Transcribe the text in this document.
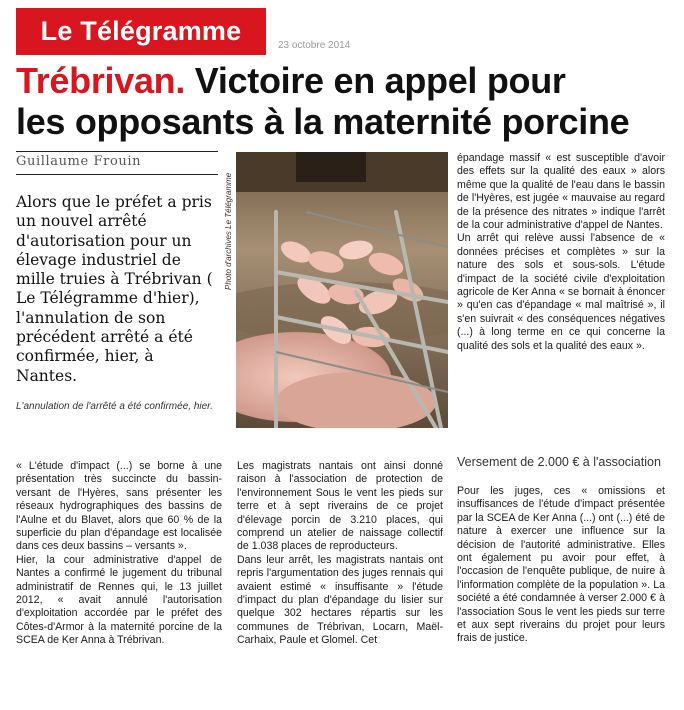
Le Télégramme	23 octobre 2014
Trébrivan. Victoire en appel pour
les opposants à la maternité porcine
Guillaume Frouin
Alors que le préfet a pris un nouvel arrêté d'autorisation pour un élevage industriel de mille truies à Trébrivan ( Le Télégramme d'hier), l'annulation de son précédent arrêté a été confirmée, hier, à Nantes.
L'annulation de l'arrêté a été confirmée, hier.
Photo d'archives Le Télégramme

épandage massif « est susceptible d'avoir des effets sur la qualité des eaux » alors même que la qualité de l'eau dans le bassin de l'Hyères, est jugée « mauvaise au regard de la présence des nitrates » indique l'arrêt de la cour administrative d'appel de Nantes.

Un arrêt qui relève aussi l'absence de « données précises et complètes » sur la nature des sols et sous-sols. L'étude d'impact de la société civile d'exploitation agricole de Ker Anna « se bornait à énoncer » qu'en cas d'épandage « mal maîtrisé », il s'en suivrait « des conséquences négatives (...) à long terme en ce qui concerne la qualité des sols et la qualité des eaux ».

« L'étude d'impact (...) se borne à une présentation très succincte du bassin-versant de l'Hyères, sans présenter les réseaux hydrographiques des bassins de l'Aulne et du Blavet, alors que 60 % de la superficie du plan d'épandage est localisée dans ces deux bassins – versants ».

Hier, la cour administrative d'appel de Nantes a confirmé le jugement du tribunal administratif de Rennes qui, le 13 juillet 2012, « avait annulé l'autorisation d'exploitation accordée par le préfet des Côtes-d'Armor à la maternité porcine de la SCEA de Ker Anna à Trébrivan.

Les magistrats nantais ont ainsi donné raison à l'association de protection de l'environnement Sous le vent les pieds sur terre et à sept riverains de ce projet d'élevage porcin de 3.210 places, qui comprend un atelier de naissage collectif de 1.038 places de reproducteurs.

Dans leur arrêt, les magistrats nantais ont repris l'argumentation des juges rennais qui avaient estimé « insuffisante » l'étude d'impact du plan d'épandage du lisier sur quelque 302 hectares répartis sur les communes de Trébrivan, Locarn, Maël-Carhaix, Paule et Glomel. Cet

Versement de 2.000 € à l'association

Pour les juges, ces « omissions et insuffisances de l'étude d'impact présentée par la SCEA de Ker Anna (...) ont (...) été de nature à exercer une influence sur la décision de l'autorité administrative. Elles ont également pu avoir pour effet, à l'occasion de l'enquête publique, de nuire à l'information complète de la population ». La société a été condamnée à verser 2.000 € à l'association Sous le vent les pieds sur terre et aux sept riverains du projet pour leurs frais de justice.
